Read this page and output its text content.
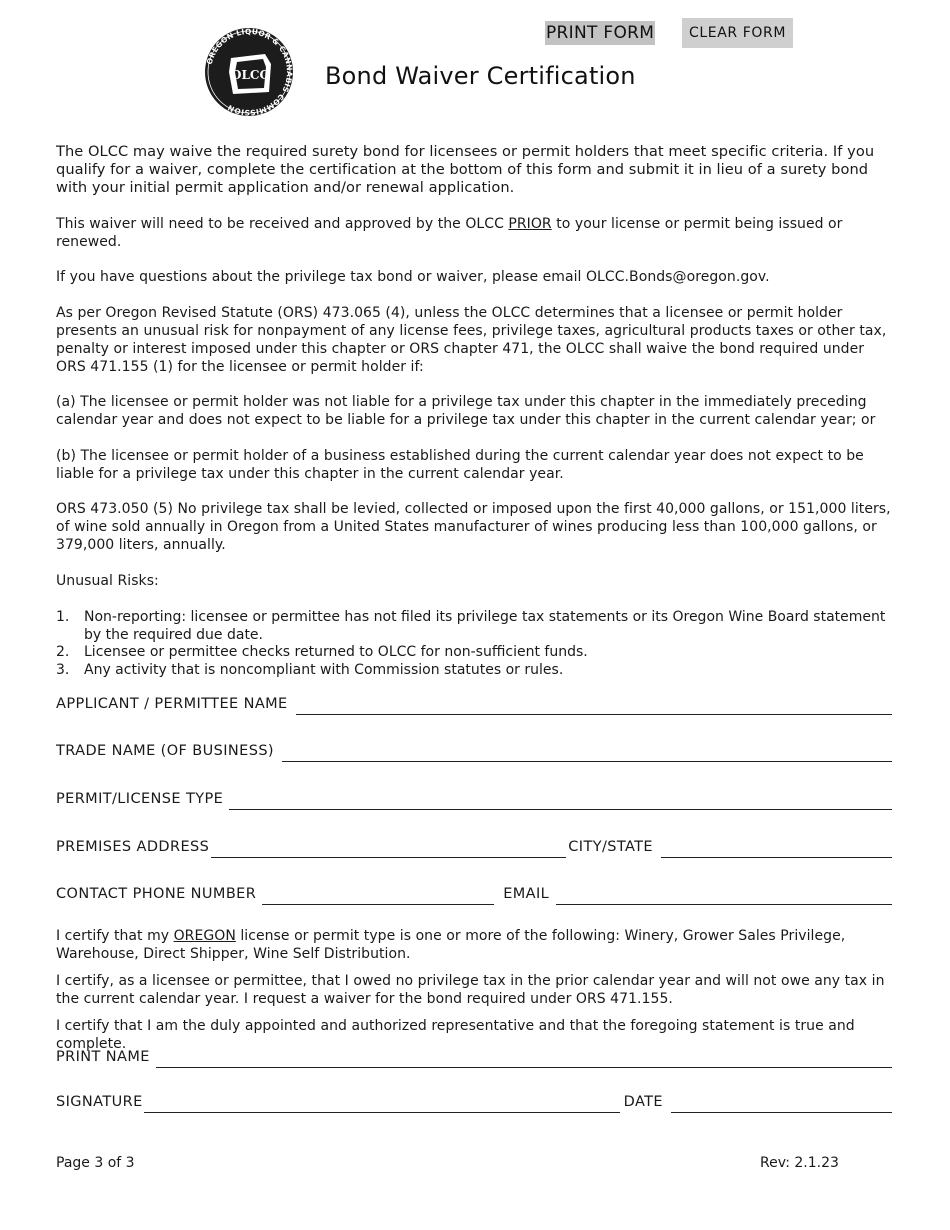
OREGON LIQUOR & CANNABIS COMMISSION
OLCC
PRINT FORM	CLEAR FORM
Bond Waiver Certification

The OLCC may waive the required surety bond for licensees or permit holders that meet specific criteria. If you qualify for a waiver, complete the certification at the bottom of this form and submit it in lieu of a surety bond with your initial permit application and/or renewal application.

This waiver will need to be received and approved by the OLCC PRIOR to your license or permit being issued or renewed.

If you have questions about the privilege tax bond or waiver, please email OLCC.Bonds@oregon.gov.

As per Oregon Revised Statute (ORS) 473.065 (4), unless the OLCC determines that a licensee or permit holder presents an unusual risk for nonpayment of any license fees, privilege taxes, agricultural products taxes or other tax, penalty or interest imposed under this chapter or ORS chapter 471, the OLCC shall waive the bond required under ORS 471.155 (1) for the licensee or permit holder if:

(a) The licensee or permit holder was not liable for a privilege tax under this chapter in the immediately preceding calendar year and does not expect to be liable for a privilege tax under this chapter in the current calendar year; or

(b) The licensee or permit holder of a business established during the current calendar year does not expect to be liable for a privilege tax under this chapter in the current calendar year.

ORS 473.050 (5) No privilege tax shall be levied, collected or imposed upon the first 40,000 gallons, or 151,000 liters, of wine sold annually in Oregon from a United States manufacturer of wines producing less than 100,000 gallons, or 379,000 liters, annually.

Unusual Risks:

1. Non-reporting: licensee or permittee has not filed its privilege tax statements or its Oregon Wine Board statement by the required due date.
2. Licensee or permittee checks returned to OLCC for non-sufficient funds.
3. Any activity that is noncompliant with Commission statutes or rules.
APPLICANT / PERMITTEE NAME
TRADE NAME (OF BUSINESS)
PERMIT/LICENSE TYPE
PREMISES ADDRESS	CITY/STATE
CONTACT PHONE NUMBER	EMAIL

I certify that my OREGON license or permit type is one or more of the following: Winery, Grower Sales Privilege, Warehouse, Direct Shipper, Wine Self Distribution.

I certify, as a licensee or permittee, that I owed no privilege tax in the prior calendar year and will not owe any tax in the current calendar year. I request a waiver for the bond required under ORS 471.155.

I certify that I am the duly appointed and authorized representative and that the foregoing statement is true and complete.

PRINT NAME
SIGNATURE	DATE
Page 3 of 3	Rev: 2.1.23
